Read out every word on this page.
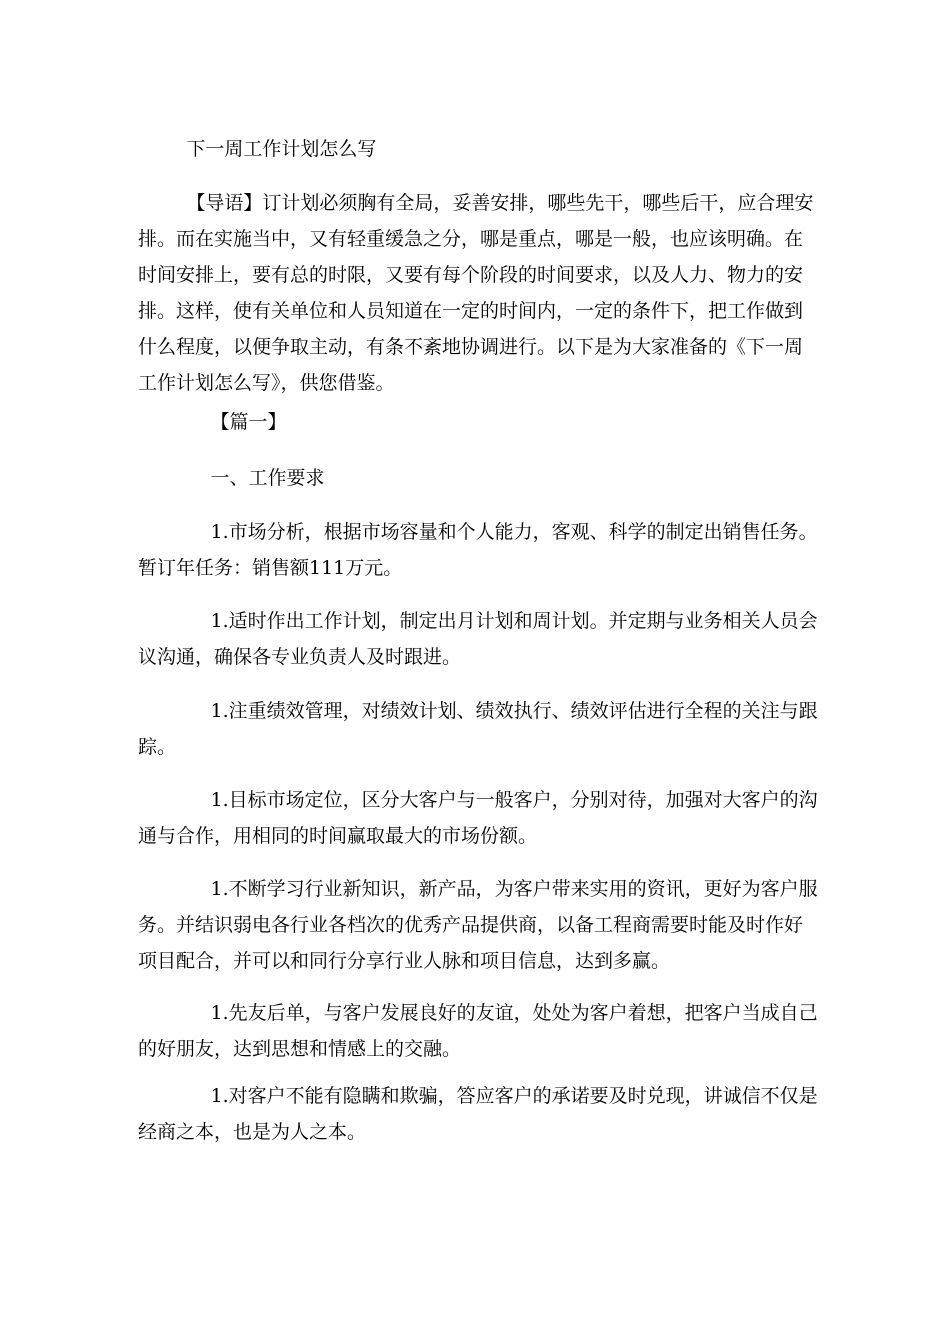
下一周工作计划怎么写
【导语】订计划必须胸有全局，妥善安排，哪些先干，哪些后干，应合理安排。而在实施当中，又有轻重缓急之分，哪是重点，哪是一般，也应该明确。在时间安排上，要有总的时限，又要有每个阶段的时间要求，以及人力、物力的安排。这样，使有关单位和人员知道在一定的时间内，一定的条件下，把工作做到什么程度，以便争取主动，有条不紊地协调进行。以下是为大家准备的《下一周工作计划怎么写》，供您借鉴。
【篇一】
一、工作要求
1.市场分析，根据市场容量和个人能力，客观、科学的制定出销售任务。暂订年任务：销售额111万元。
1.适时作出工作计划，制定出月计划和周计划。并定期与业务相关人员会议沟通，确保各专业负责人及时跟进。
1.注重绩效管理，对绩效计划、绩效执行、绩效评估进行全程的关注与跟踪。
1.目标市场定位，区分大客户与一般客户，分别对待，加强对大客户的沟通与合作，用相同的时间赢取最大的市场份额。
1.不断学习行业新知识，新产品，为客户带来实用的资讯，更好为客户服务。并结识弱电各行业各档次的优秀产品提供商，以备工程商需要时能及时作好项目配合，并可以和同行分享行业人脉和项目信息，达到多赢。
1.先友后单，与客户发展良好的友谊，处处为客户着想，把客户当成自己的好朋友，达到思想和情感上的交融。
1.对客户不能有隐瞒和欺骗，答应客户的承诺要及时兑现，讲诚信不仅是经商之本，也是为人之本。
